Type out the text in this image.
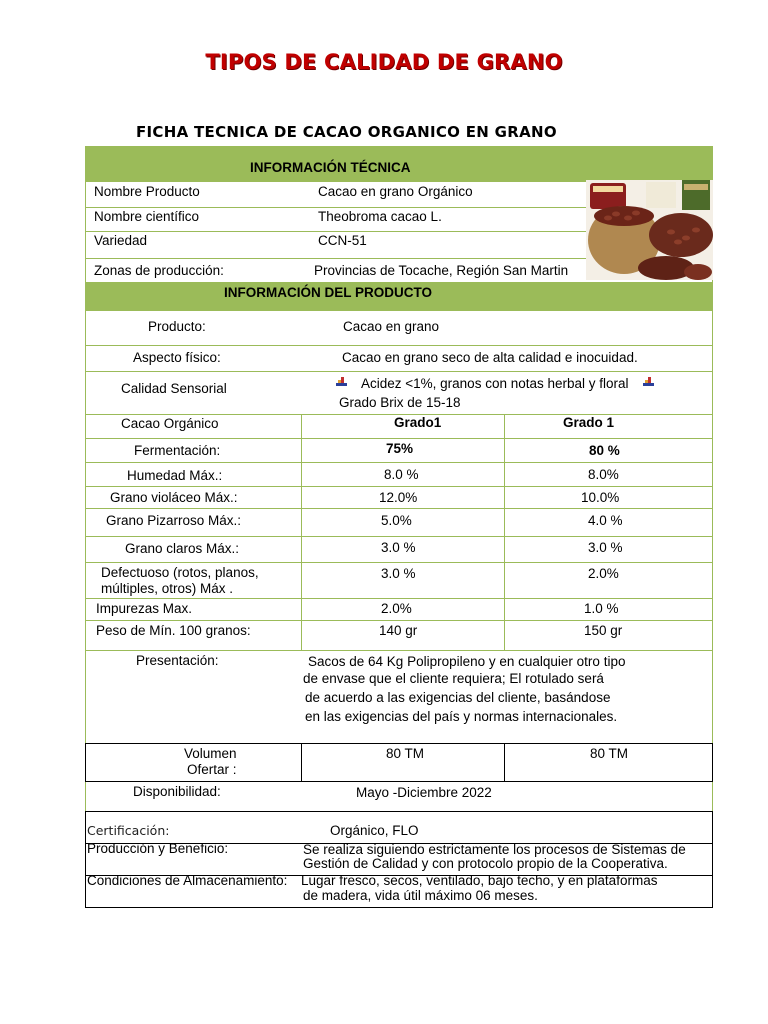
TIPOS DE CALIDAD DE GRANO
FICHA TECNICA DE CACAO ORGANICO EN GRANO
INFORMACIÓN TÉCNICA
INFORMACIÓN DEL PRODUCTO
Nombre Producto	Cacao en grano Orgánico
Nombre científico	Theobroma cacao L.
Variedad	CCN-51
Zonas de producción:	Provincias de Tocache, Región San Martin
Producto:	Cacao en grano
Aspecto físico:	Cacao en grano seco de alta calidad e inocuidad.
Calidad Sensorial	Acidez <1%, granos con notas herbal y floral
Grado Brix de 15-18
Cacao Orgánico	Grado1	Grado 1
Fermentación:	75%	80 %
Humedad Máx.:	8.0 %	8.0%
Grano violáceo Máx.:	12.0%	10.0%
Grano Pizarroso Máx.:	5.0%	4.0 %
Grano claros Máx.:	3.0 %	3.0 %
Defectuoso (rotos, planos,
múltiples, otros) Máx .
3.0 %	2.0%
Impurezas Max.	2.0%	1.0 %
Peso de Mín. 100 granos:	140 gr	150 gr
Presentación:	Sacos de 64 Kg Polipropileno y en cualquier otro tipo
de envase que el cliente requiera; El rotulado será
de acuerdo a las exigencias del cliente, basándose
en las exigencias del país y normas internacionales.
Volumen
Ofertar :
80 TM	80 TM
Disponibilidad:	Mayo -Diciembre 2022
Certificación:	Orgánico, FLO
Producción y Beneficio:	Se realiza siguiendo estrictamente los procesos de Sistemas de
Gestión de Calidad y con protocolo propio de la Cooperativa.
Condiciones de Almacenamiento: Lugar fresco, secos, ventilado, bajo techo, y en plataformas
de madera, vida útil máximo 06 meses.
